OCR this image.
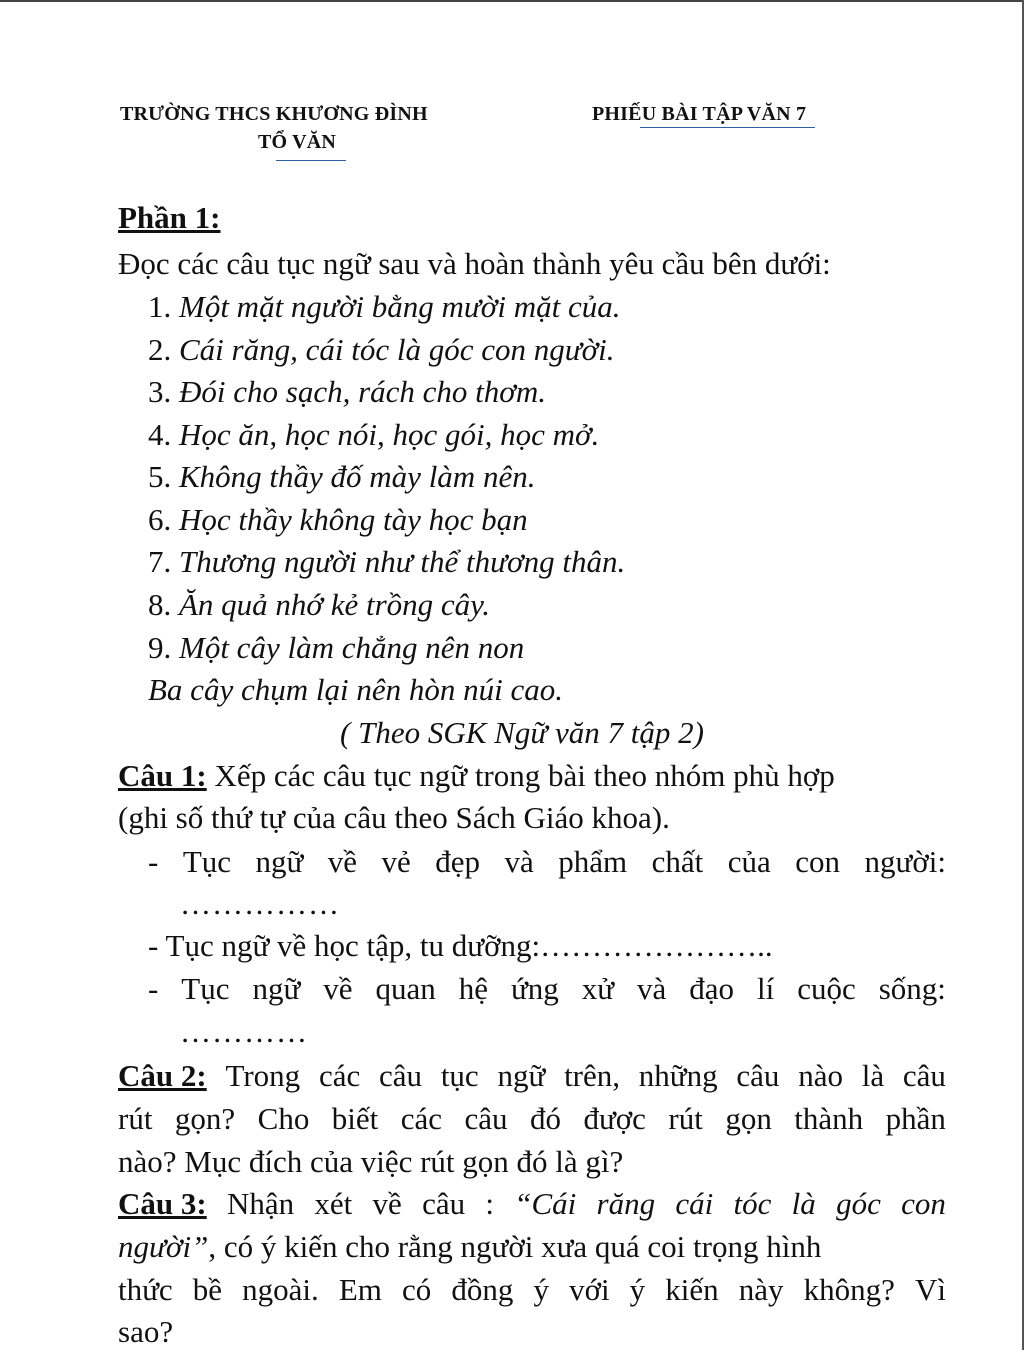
TRƯỜNG THCS KHƯƠNG ĐÌNH
TỔ VĂN
PHIẾU BÀI TẬP VĂN 7
Phần 1:
Đọc các câu tục ngữ sau và hoàn thành yêu cầu bên dưới:
1. Một mặt người bằng mười mặt của.
2. Cái răng, cái tóc là góc con người.
3. Đói cho sạch, rách cho thơm.
4. Học ăn, học nói, học gói, học mở.
5. Không thầy đố mày làm nên.
6. Học thầy không tày học bạn
7. Thương người như thể thương thân.
8. Ăn quả nhớ kẻ trồng cây.
9. Một cây làm chẳng nên non
Ba cây chụm lại nên hòn núi cao.
( Theo SGK Ngữ văn 7 tập 2)
Câu 1: Xếp các câu tục ngữ trong bài theo nhóm phù hợp
(ghi số thứ tự của câu theo Sách Giáo khoa).
- Tục ngữ về vẻ đẹp và phẩm chất của con người:
……………
- Tục ngữ về học tập, tu dưỡng:…………………..
- Tục ngữ về quan hệ ứng xử và đạo lí cuộc sống:
…………
Câu 2: Trong các câu tục ngữ trên, những câu nào là câu
rút gọn? Cho biết các câu đó được rút gọn thành phần
nào? Mục đích của việc rút gọn đó là gì?
Câu 3: Nhận xét về câu : “Cái răng cái tóc là góc con
người”, có ý kiến cho rằng người xưa quá coi trọng hình
thức bề ngoài. Em có đồng ý với ý kiến này không? Vì
sao?
